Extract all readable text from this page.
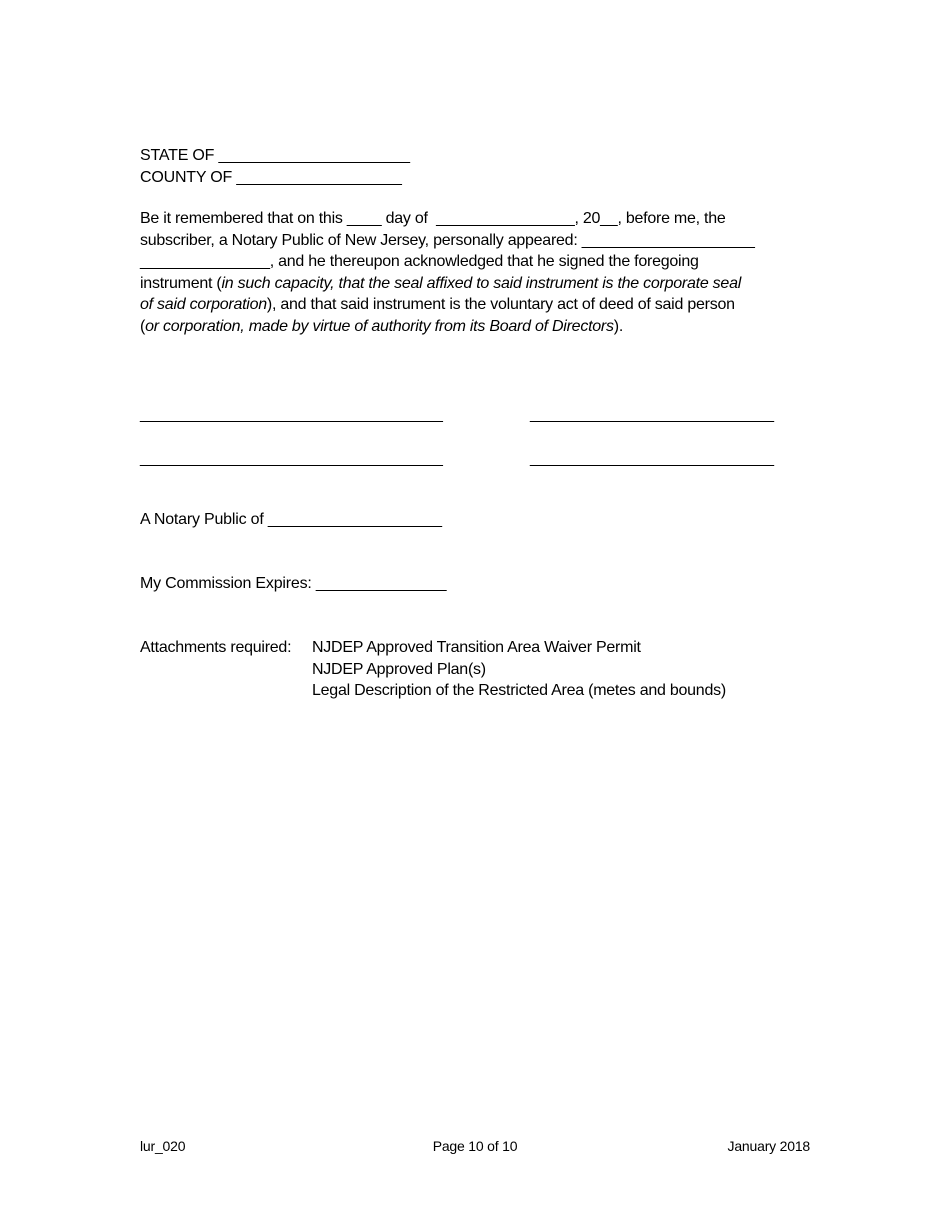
STATE OF ______________________
COUNTY OF ___________________
Be it remembered that on this ____ day of  ________________, 20__, before me, the
subscriber, a Notary Public of New Jersey, personally appeared: ____________________
_______________, and he thereupon acknowledged that he signed the foregoing
instrument (in such capacity, that the seal affixed to said instrument is the corporate seal
of said corporation), and that said instrument is the voluntary act of deed of said person
(or corporation, made by virtue of authority from its Board of Directors).
____________________________________	_____________________________
____________________________________	_____________________________
A Notary Public of ____________________
My Commission Expires: _______________
Attachments required: NJDEP Approved Transition Area Waiver Permit
NJDEP Approved Plan(s)
Legal Description of the Restricted Area (metes and bounds)
lur_020	Page 10 of 10	January 2018
